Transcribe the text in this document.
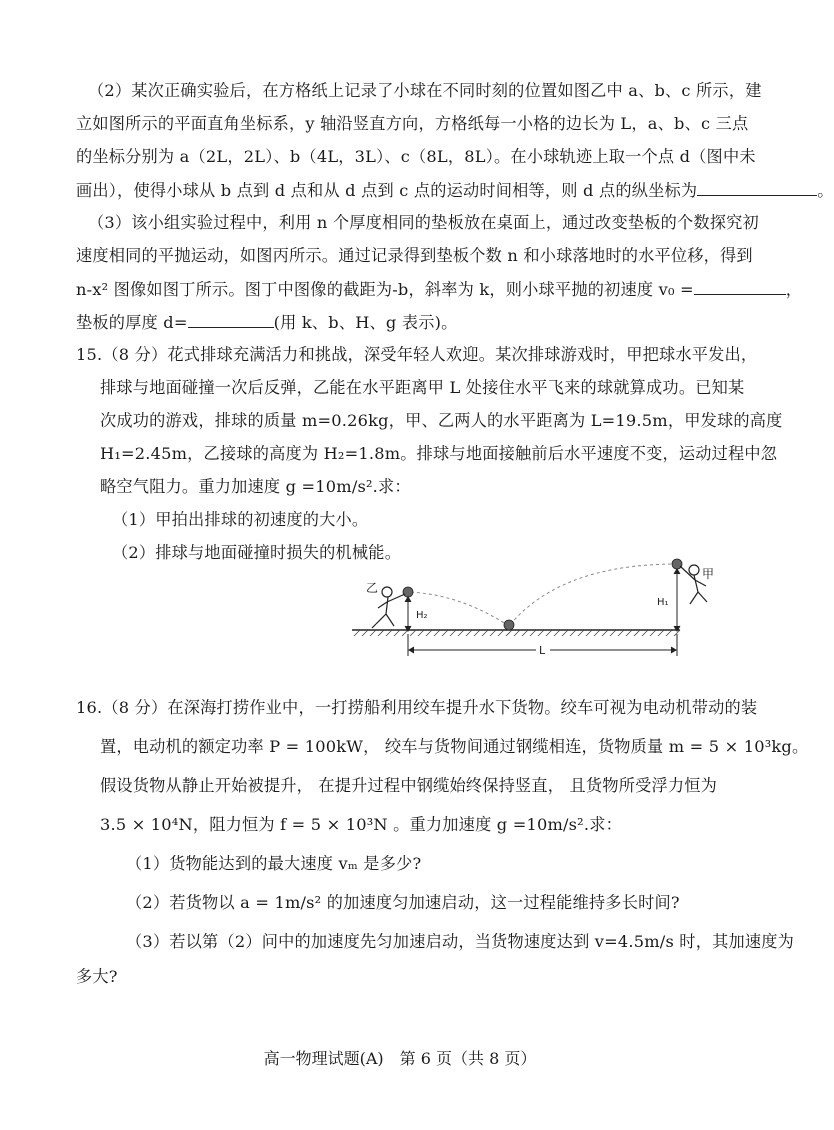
（2）某次正确实验后，在方格纸上记录了小球在不同时刻的位置如图乙中 a、b、c 所示，建
立如图所示的平面直角坐标系，y 轴沿竖直方向，方格纸每一小格的边长为 L，a、b、c 三点
的坐标分别为 a（2L，2L）、b（4L，3L）、c（8L，8L）。在小球轨迹上取一个点 d（图中未
画出），使得小球从 b 点到 d 点和从 d 点到 c 点的运动时间相等，则 d 点的纵坐标为	。
（3）该小组实验过程中，利用 n 个厚度相同的垫板放在桌面上，通过改变垫板的个数探究初
速度相同的平抛运动，如图丙所示。通过记录得到垫板个数 n 和小球落地时的水平位移，得到
n-x² 图像如图丁所示。图丁中图像的截距为-b，斜率为 k，则小球平抛的初速度 v₀ =	，
垫板的厚度 d=	(用 k、b、H、g 表示)。
15.（8 分）花式排球充满活力和挑战，深受年轻人欢迎。某次排球游戏时，甲把球水平发出，
排球与地面碰撞一次后反弹，乙能在水平距离甲 L 处接住水平飞来的球就算成功。已知某
次成功的游戏，排球的质量 m=0.26kg，甲、乙两人的水平距离为 L=19.5m，甲发球的高度
H₁=2.45m，乙接球的高度为 H₂=1.8m。排球与地面接触前后水平速度不变，运动过程中忽
略空气阻力。重力加速度 g =10m/s².求：
（1）甲拍出排球的初速度的大小。
（2）排球与地面碰撞时损失的机械能。
乙
H₂
甲
H₁
L
16.（8 分）在深海打捞作业中，一打捞船利用绞车提升水下货物。绞车可视为电动机带动的装
置，电动机的额定功率 P = 100kW， 绞车与货物间通过钢缆相连，货物质量 m = 5 × 10³kg。
假设货物从静止开始被提升， 在提升过程中钢缆始终保持竖直， 且货物所受浮力恒为
3.5 × 10⁴N，阻力恒为 f = 5 × 10³N 。重力加速度 g =10m/s².求：
（1）货物能达到的最大速度 vₘ 是多少?
（2）若货物以 a = 1m/s² 的加速度匀加速启动，这一过程能维持多长时间?
（3）若以第（2）问中的加速度先匀加速启动，当货物速度达到 v=4.5m/s 时，其加速度为
多大?
高一物理试题(A)　第 6 页（共 8 页）
